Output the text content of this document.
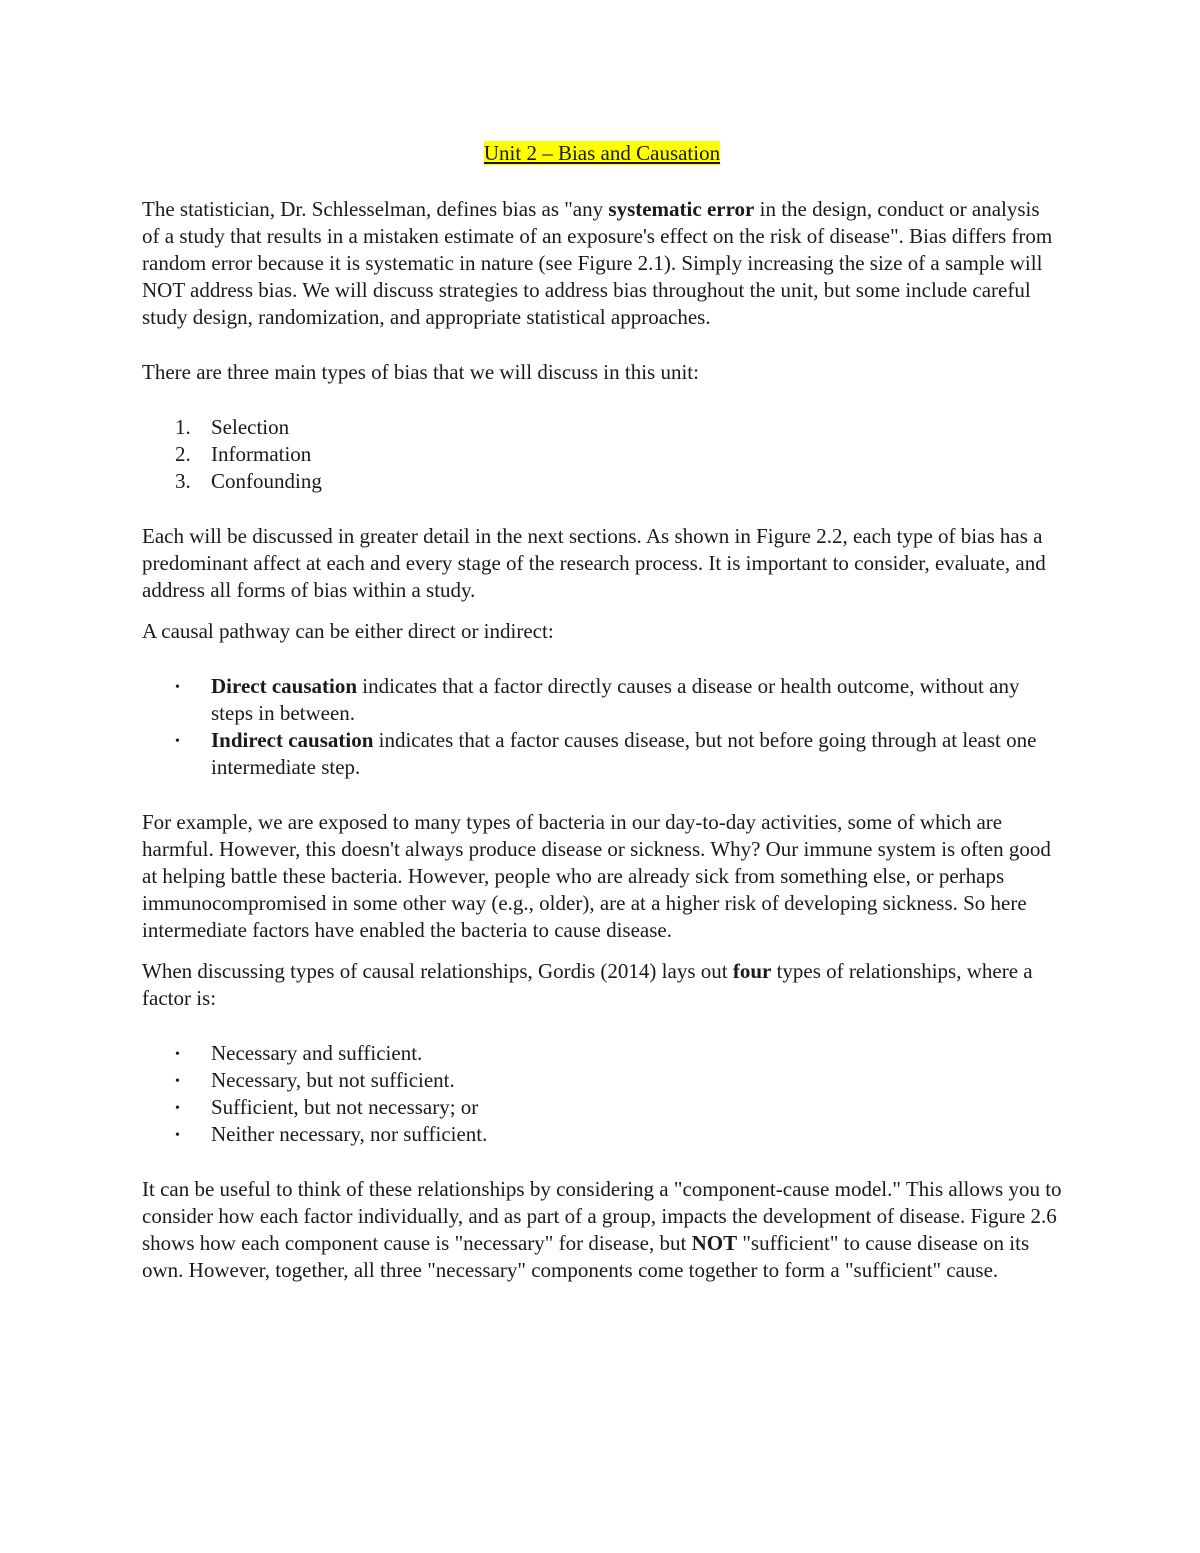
Unit 2 – Bias and Causation

The statistician, Dr. Schlesselman, defines bias as "any systematic error in the design, conduct or analysis of a study that results in a mistaken estimate of an exposure's effect on the risk of disease". Bias differs from random error because it is systematic in nature (see Figure 2.1). Simply increasing the size of a sample will NOT address bias. We will discuss strategies to address bias throughout the unit, but some include careful study design, randomization, and appropriate statistical approaches.

There are three main types of bias that we will discuss in this unit:

1. Selection
2. Information
3. Confounding

Each will be discussed in greater detail in the next sections. As shown in Figure 2.2, each type of bias has a predominant affect at each and every stage of the research process. It is important to consider, evaluate, and address all forms of bias within a study.

A causal pathway can be either direct or indirect:

• Direct causation indicates that a factor directly causes a disease or health outcome, without any steps in between.
• Indirect causation indicates that a factor causes disease, but not before going through at least one intermediate step.

For example, we are exposed to many types of bacteria in our day-to-day activities, some of which are harmful. However, this doesn't always produce disease or sickness. Why? Our immune system is often good at helping battle these bacteria. However, people who are already sick from something else, or perhaps immunocompromised in some other way (e.g., older), are at a higher risk of developing sickness. So here intermediate factors have enabled the bacteria to cause disease.

When discussing types of causal relationships, Gordis (2014) lays out four types of relationships, where a factor is:

• Necessary and sufficient.
• Necessary, but not sufficient.
• Sufficient, but not necessary; or
• Neither necessary, nor sufficient.

It can be useful to think of these relationships by considering a "component-cause model." This allows you to consider how each factor individually, and as part of a group, impacts the development of disease. Figure 2.6 shows how each component cause is "necessary" for disease, but NOT "sufficient" to cause disease on its own. However, together, all three "necessary" components come together to form a "sufficient" cause.
